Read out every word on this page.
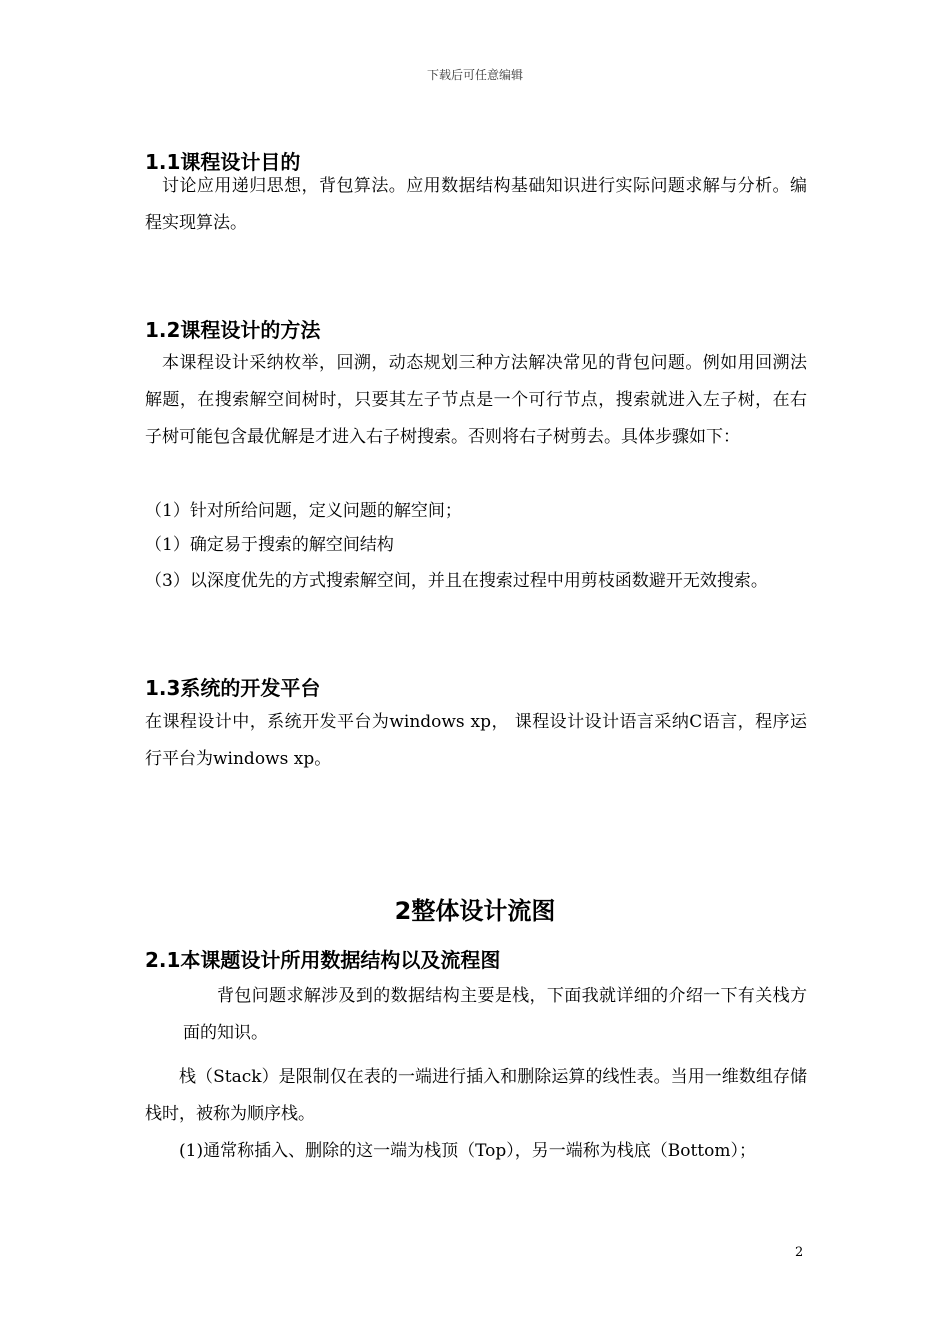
下载后可任意编辑
1.1课程设计目的

讨论应用递归思想，背包算法。应用数据结构基础知识进行实际问题求解与分析。编程实现算法。

1.2课程设计的方法

本课程设计采纳枚举，回溯，动态规划三种方法解决常见的背包问题。例如用回溯法解题，在搜索解空间树时，只要其左子节点是一个可行节点，搜索就进入左子树，在右子树可能包含最优解是才进入右子树搜索。否则将右子树剪去。具体步骤如下：

（1）针对所给问题，定义问题的解空间；

（1）确定易于搜索的解空间结构

（3）以深度优先的方式搜索解空间，并且在搜索过程中用剪枝函数避开无效搜索。

1.3系统的开发平台

在课程设计中，系统开发平台为windows xp， 课程设计设计语言采纳C语言，程序运行平台为windows xp。

2整体设计流图
2.1本课题设计所用数据结构以及流程图

背包问题求解涉及到的数据结构主要是栈，下面我就详细的介绍一下有关栈方面的知识。

栈（Stack）是限制仅在表的一端进行插入和删除运算的线性表。当用一维数组存储栈时，被称为顺序栈。

(1)通常称插入、删除的这一端为栈顶（Top），另一端称为栈底（Bottom）；

2
